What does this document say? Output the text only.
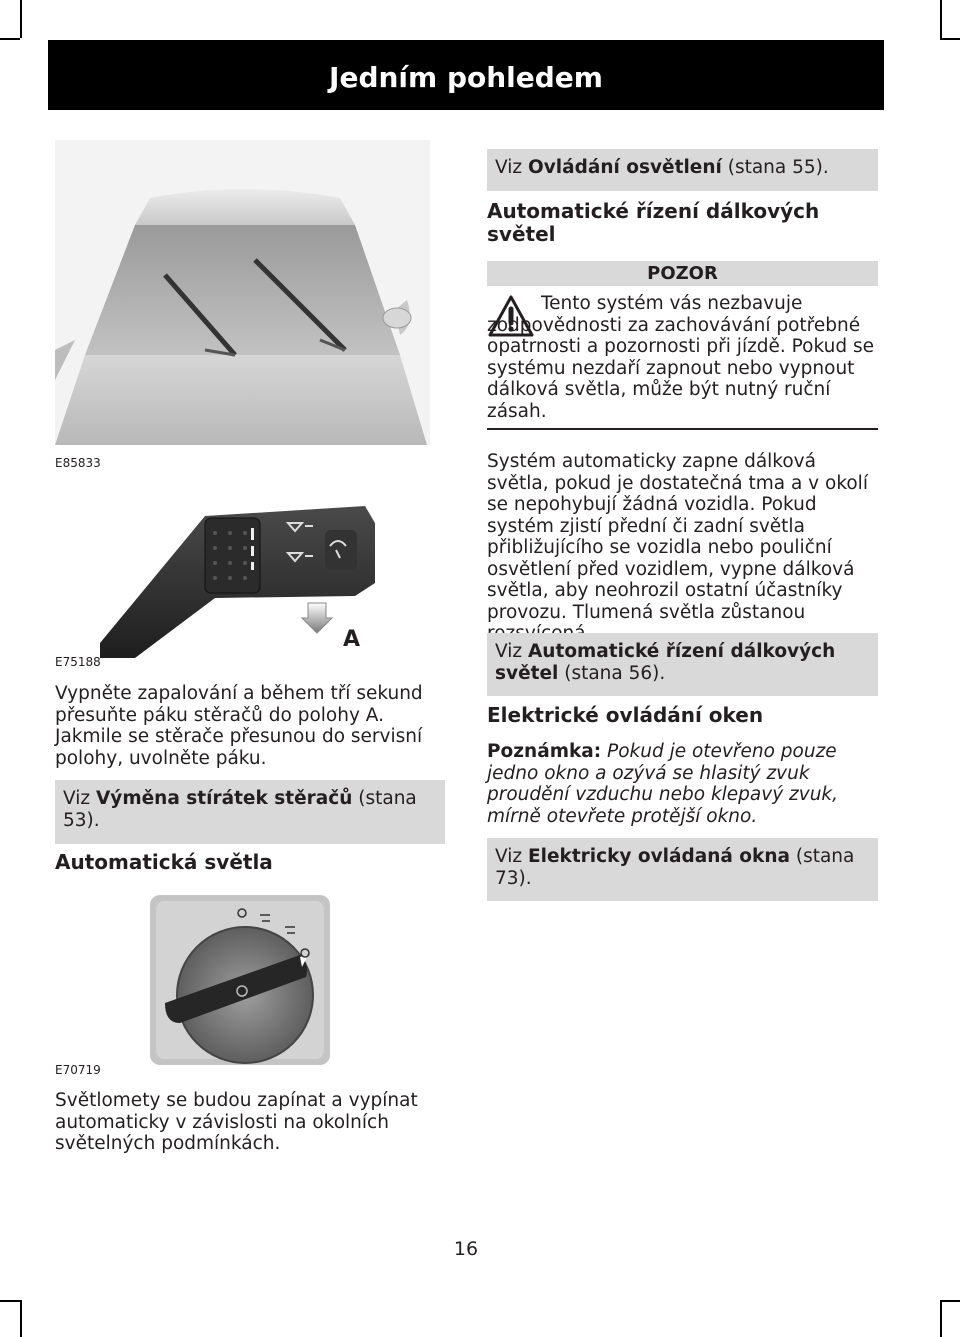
Jedním pohledem
E85833
A
E75188

Vypněte zapalování a během tří sekund přesuňte páku stěračů do polohy A. Jakmile se stěrače přesunou do servisní polohy, uvolněte páku.

Viz Výměna stírátek stěračů (stana 53).
Automatická světla
E70719

Světlomety se budou zapínat a vypínat automaticky v závislosti na okolních světelných podmínkách.

Viz Ovládání osvětlení (stana 55).
Automatické řízení dálkových světel
POZOR

Tento systém vás nezbavuje zodpovědnosti za zachovávání potřebné opatrnosti a pozornosti při jízdě. Pokud se systému nezdaří zapnout nebo vypnout dálková světla, může být nutný ruční zásah.

Systém automaticky zapne dálková světla, pokud je dostatečná tma a v okolí se nepohybují žádná vozidla. Pokud systém zjistí přední či zadní světla přibližujícího se vozidla nebo pouliční osvětlení před vozidlem, vypne dálková světla, aby neohrozil ostatní účastníky provozu. Tlumená světla zůstanou

Viz Automatické řízení dálkových světel (stana 56).
Elektrické ovládání oken

Poznámka: Pokud je otevřeno pouze jedno okno a ozývá se hlasitý zvuk proudění vzduchu nebo klepavý zvuk, mírně otevřete protější okno.

Viz Elektricky ovládaná okna (stana 73).
16
